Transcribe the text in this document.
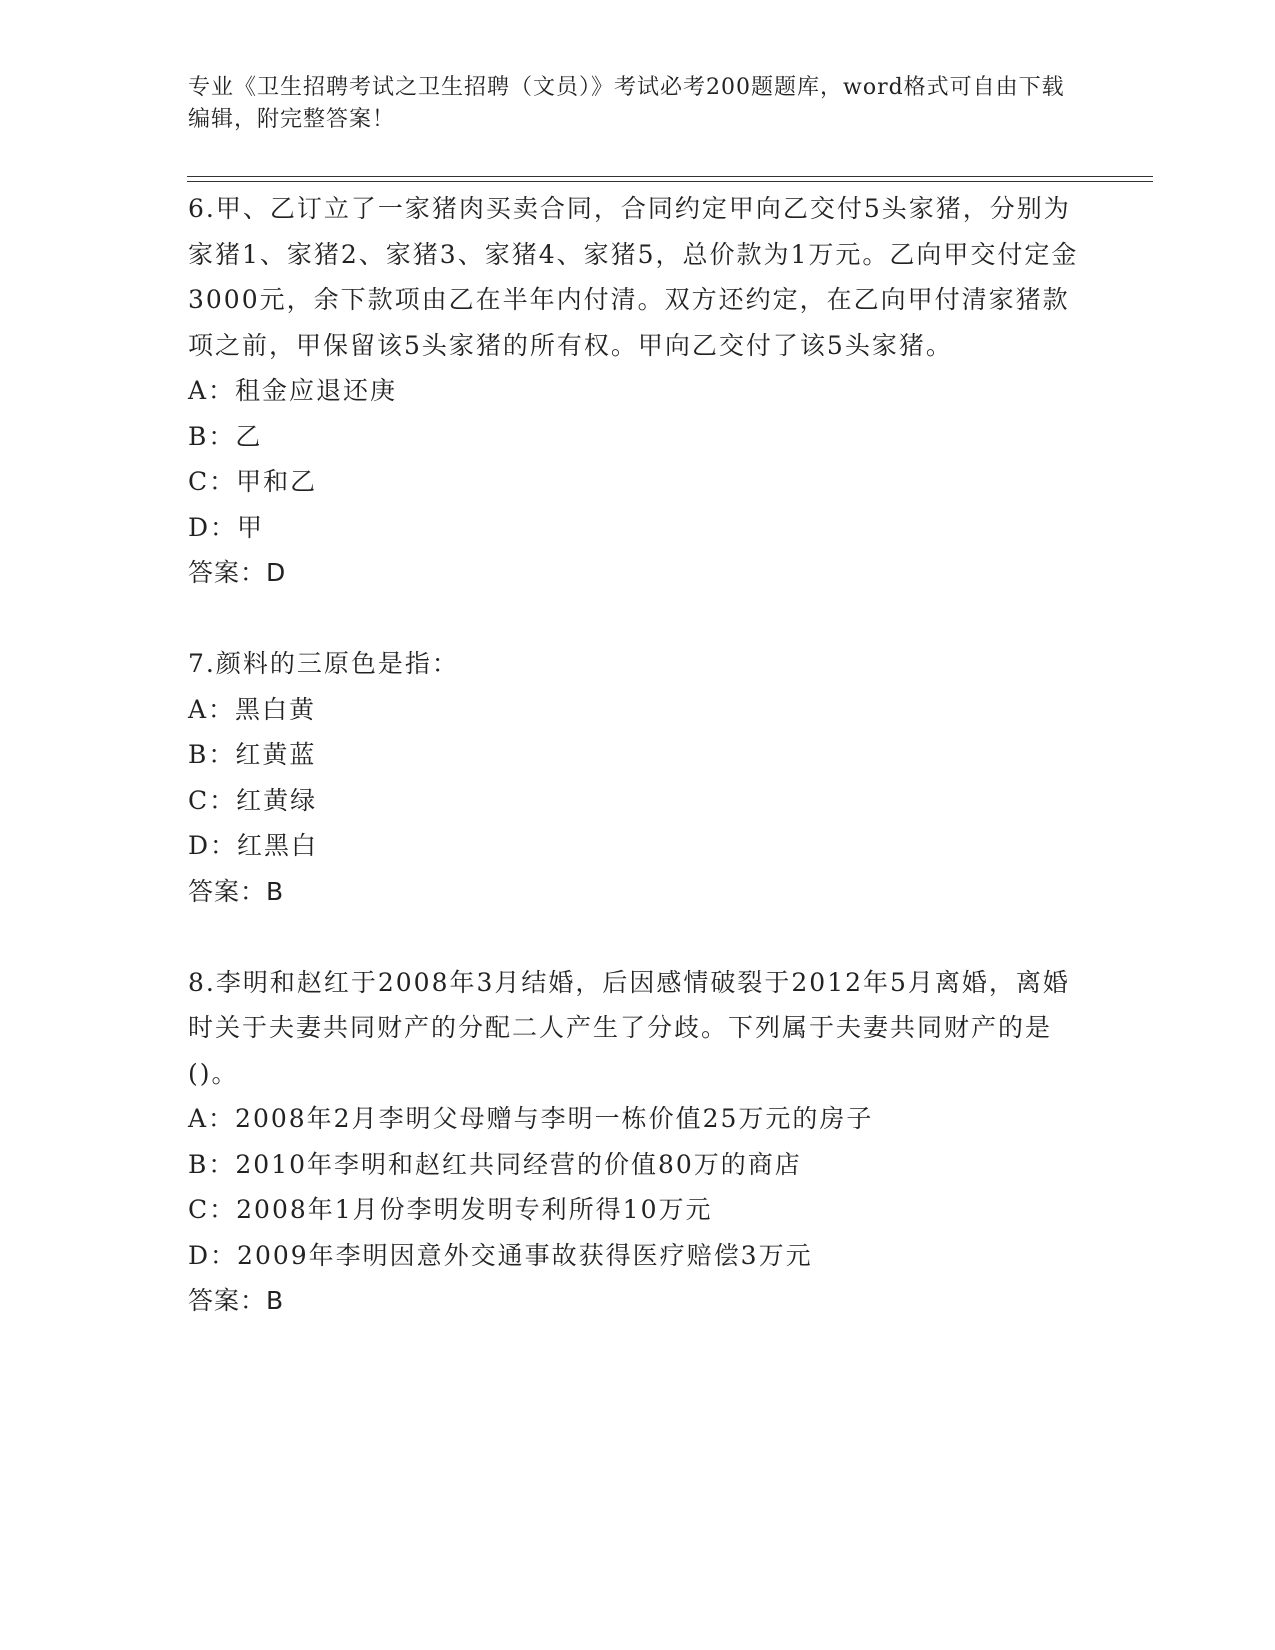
专业《卫生招聘考试之卫生招聘（文员）》考试必考200题题库，word格式可自由下载编辑，附完整答案！

6.甲、乙订立了一家猪肉买卖合同，合同约定甲向乙交付5头家猪，分别为家猪1、家猪2、家猪3、家猪4、家猪5，总价款为1万元。乙向甲交付定金3000元，余下款项由乙在半年内付清。双方还约定，在乙向甲付清家猪款项之前，甲保留该5头家猪的所有权。甲向乙交付了该5头家猪。

A：租金应退还庚

B：乙

C：甲和乙

D：甲

答案：D

7.颜料的三原色是指：

A：黑白黄

B：红黄蓝

C：红黄绿

D：红黑白

答案：B

8.李明和赵红于2008年3月结婚，后因感情破裂于2012年5月离婚，离婚时关于夫妻共同财产的分配二人产生了分歧。下列属于夫妻共同财产的是()。

A：2008年2月李明父母赠与李明一栋价值25万元的房子

B：2010年李明和赵红共同经营的价值80万的商店

C：2008年1月份李明发明专利所得10万元

D：2009年李明因意外交通事故获得医疗赔偿3万元

答案：B
